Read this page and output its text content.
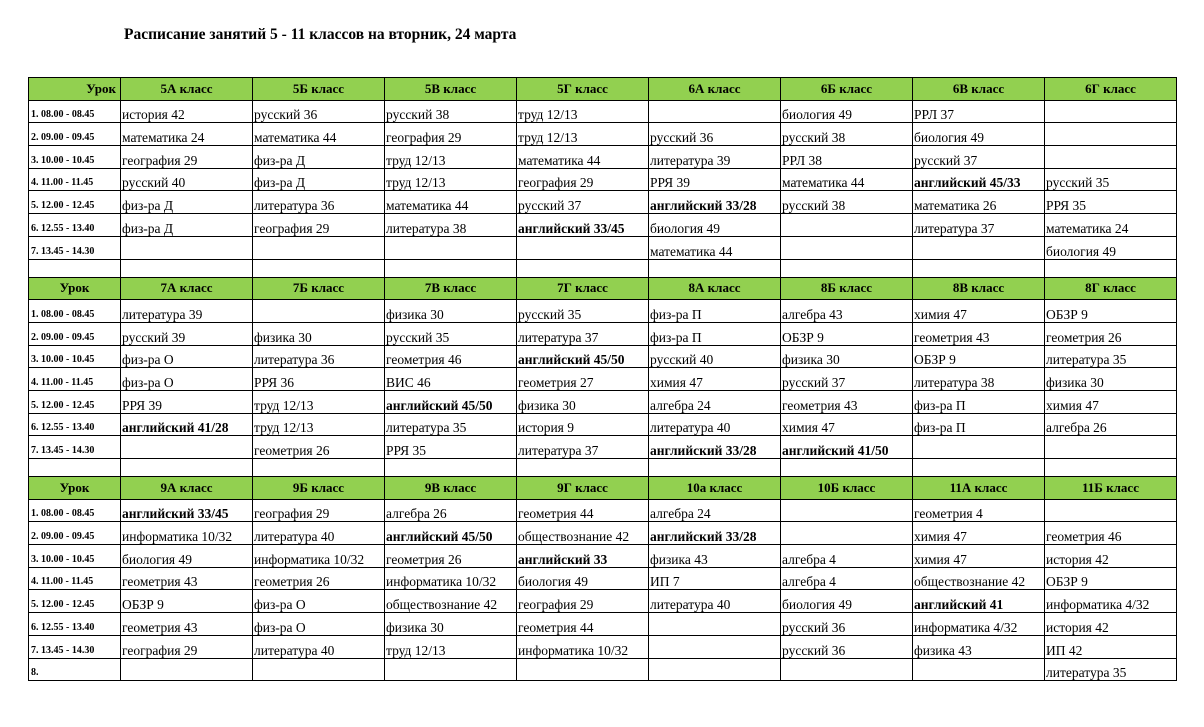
Расписание занятий 5 - 11 классов на вторник, 24 марта
Урок	5А класс	5Б класс	5В класс	5Г класс	6А класс	6Б класс	6В класс	6Г класс
1. 08.00 - 08.45	история 42	русский 36	русский 38	труд 12/13		биология 49	РРЛ 37	
2. 09.00 - 09.45	математика 24	математика 44	география 29	труд 12/13	русский 36	русский 38	биология 49	
3. 10.00 - 10.45	география 29	физ-ра Д	труд 12/13	математика 44	литература 39	РРЛ 38	русский 37	
4. 11.00 - 11.45	русский 40	физ-ра Д	труд 12/13	география 29	РРЯ 39	математика 44	английский 45/33	русский 35
5. 12.00 - 12.45	физ-ра Д	литература 36	математика 44	русский 37	английский 33/28	русский 38	математика 26	РРЯ 35
6. 12.55 - 13.40	физ-ра Д	география 29	литература 38	английский 33/45	биология 49		литература 37	математика 24
7. 13.45 - 14.30					математика 44			биология 49

Урок	7А класс	7Б класс	7В класс	7Г класс	8А класс	8Б класс	8В класс	8Г класс
1. 08.00 - 08.45	литература 39		физика 30	русский 35	физ-ра П	алгебра 43	химия 47	ОБЗР 9
2. 09.00 - 09.45	русский 39	физика 30	русский 35	литература 37	физ-ра П	ОБЗР 9	геометрия 43	геометрия 26
3. 10.00 - 10.45	физ-ра О	литература 36	геометрия 46	английский 45/50	русский 40	физика 30	ОБЗР 9	литература 35
4. 11.00 - 11.45	физ-ра О	РРЯ 36	ВИС 46	геометрия 27	химия 47	русский 37	литература 38	физика 30
5. 12.00 - 12.45	РРЯ 39	труд 12/13	английский 45/50	физика 30	алгебра 24	геометрия 43	физ-ра П	химия 47
6. 12.55 - 13.40	английский 41/28	труд 12/13	литература 35	история 9	литература 40	химия 47	физ-ра П	алгебра 26
7. 13.45 - 14.30		геометрия 26	РРЯ 35	литература 37	английский 33/28	английский 41/50		

Урок	9А класс	9Б класс	9В класс	9Г класс	10а класс	10Б класс	11А класс	11Б класс
1. 08.00 - 08.45	английский 33/45	география 29	алгебра 26	геометрия 44	алгебра 24		геометрия 4	
2. 09.00 - 09.45	информатика 10/32	литература 40	английский 45/50	обществознание 42	английский 33/28		химия 47	геометрия 46
3. 10.00 - 10.45	биология 49	информатика 10/32	геометрия 26	английский 33	физика 43	алгебра 4	химия 47	история 42
4. 11.00 - 11.45	геометрия 43	геометрия 26	информатика 10/32	биология 49	ИП 7	алгебра 4	обществознание 42	ОБЗР 9
5. 12.00 - 12.45	ОБЗР 9	физ-ра О	обществознание 42	география 29	литература 40	биология 49	английский 41	информатика 4/32
6. 12.55 - 13.40	геометрия 43	физ-ра О	физика 30	геометрия 44		русский 36	информатика 4/32	история 42
7. 13.45 - 14.30	география 29	литература 40	труд 12/13	информатика 10/32		русский 36	физика 43	ИП 42
8.								литература 35
